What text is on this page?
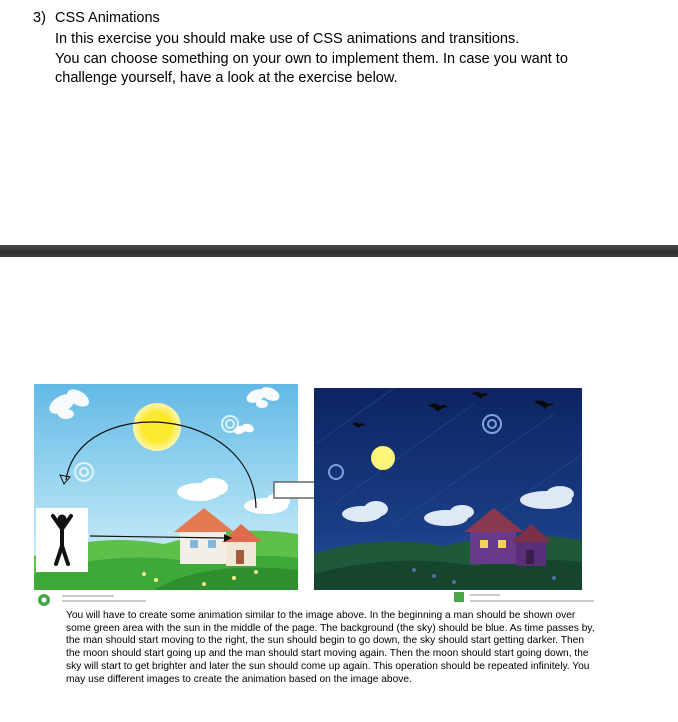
3) CSS Animations

In this exercise you should make use of CSS animations and transitions.

You can choose something on your own to implement them. In case you want to

challenge yourself, have a look at the exercise below.

You will have to create some animation similar to the image above. In the beginning a man should be shown over some green area with the sun in the middle of the page. The background (the sky) should be blue. As time passes by, the man should start moving to the right, the sun should begin to go down, the sky should start getting darker. Then the moon should start going up and the man should start moving again. Then the moon should start going down, the sky will start to get brighter and later the sun should come up again. This operation should be repeated infinitely. You may use different images to create the animation based on the image above.
